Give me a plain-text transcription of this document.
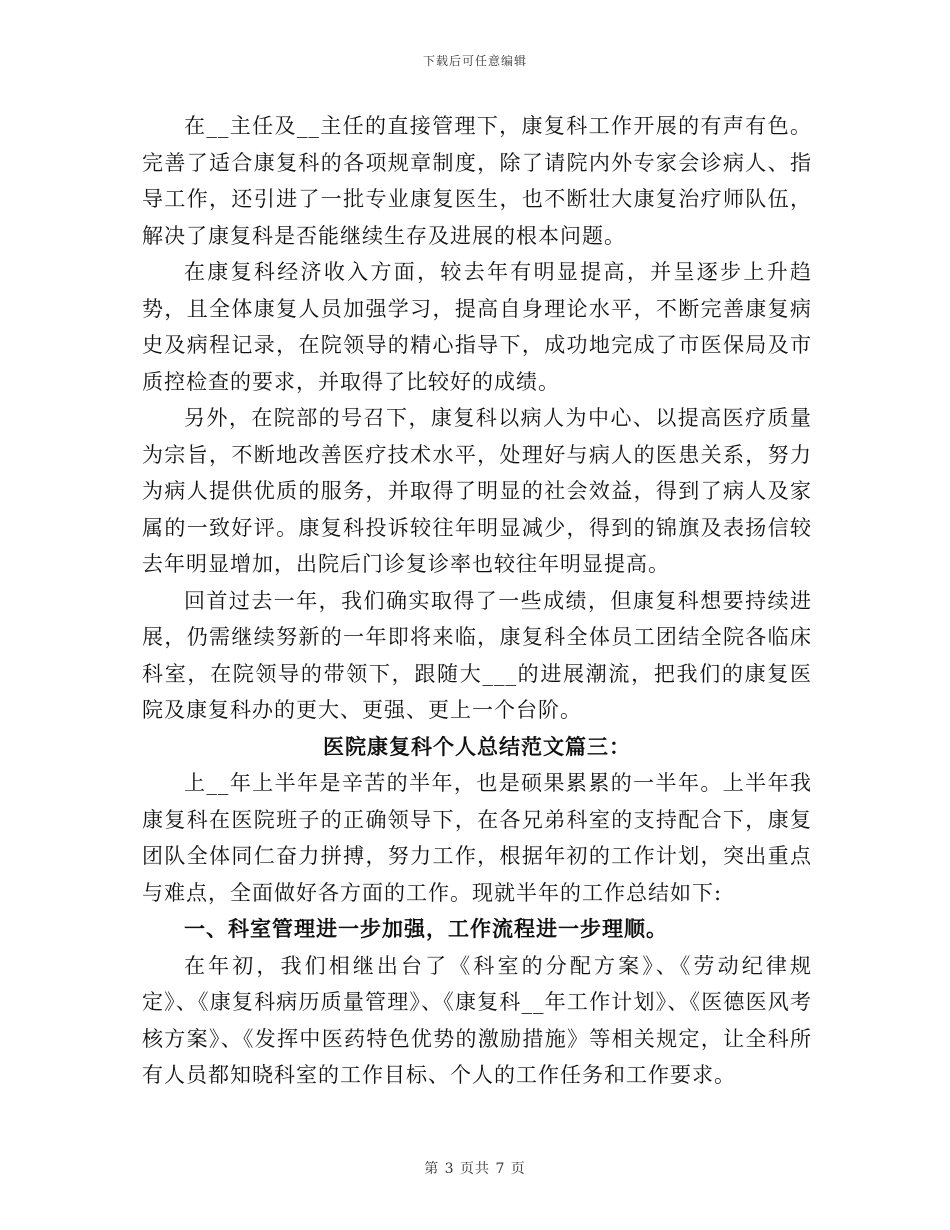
下载后可任意编辑

在__主任及__主任的直接管理下，康复科工作开展的有声有色。完善了适合康复科的各项规章制度，除了请院内外专家会诊病人、指导工作，还引进了一批专业康复医生，也不断壮大康复治疗师队伍，解决了康复科是否能继续生存及进展的根本问题。

在康复科经济收入方面，较去年有明显提高，并呈逐步上升趋势，且全体康复人员加强学习，提高自身理论水平，不断完善康复病史及病程记录，在院领导的精心指导下，成功地完成了市医保局及市质控检查的要求，并取得了比较好的成绩。

另外，在院部的号召下，康复科以病人为中心、以提高医疗质量为宗旨，不断地改善医疗技术水平，处理好与病人的医患关系，努力为病人提供优质的服务，并取得了明显的社会效益，得到了病人及家属的一致好评。康复科投诉较往年明显减少，得到的锦旗及表扬信较去年明显增加，出院后门诊复诊率也较往年明显提高。

回首过去一年，我们确实取得了一些成绩，但康复科想要持续进展，仍需继续努新的一年即将来临，康复科全体员工团结全院各临床科室，在院领导的带领下，跟随大___的进展潮流，把我们的康复医院及康复科办的更大、更强、更上一个台阶。

医院康复科个人总结范文篇三：

上__年上半年是辛苦的半年，也是硕果累累的一半年。上半年我康复科在医院班子的正确领导下，在各兄弟科室的支持配合下，康复团队全体同仁奋力拼搏，努力工作，根据年初的工作计划，突出重点与难点，全面做好各方面的工作。现就半年的工作总结如下:

一、科室管理进一步加强，工作流程进一步理顺。

在年初，我们相继出台了《科室的分配方案》、《劳动纪律规定》、《康复科病历质量管理》、《康复科__年工作计划》、《医德医风考核方案》、《发挥中医药特色优势的激励措施》等相关规定，让全科所有人员都知晓科室的工作目标、个人的工作任务和工作要求。

第 3 页共 7 页
